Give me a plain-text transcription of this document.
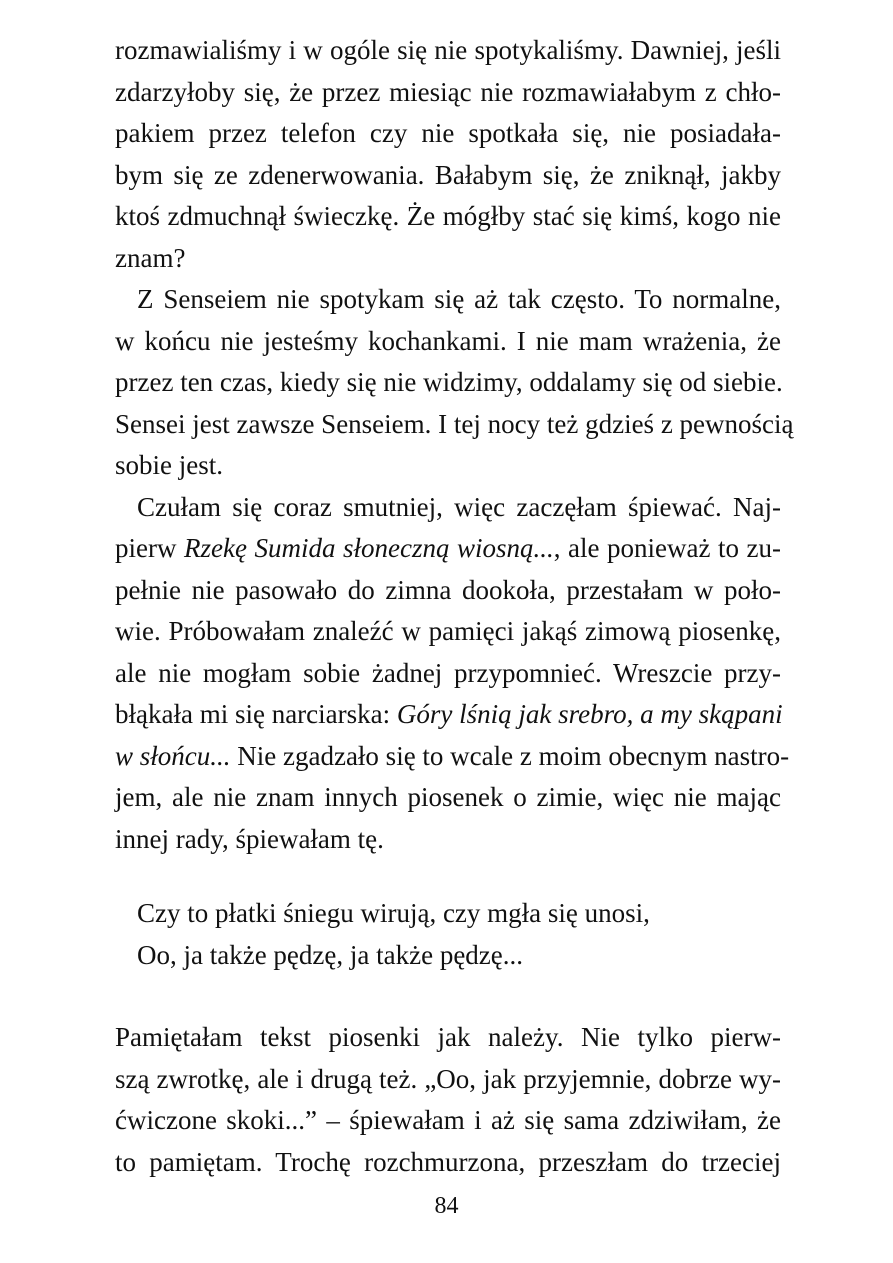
rozmawialiśmy i w ogóle się nie spotykaliśmy. Dawniej, jeśli
zdarzyłoby się, że przez miesiąc nie rozmawiałabym z chło-
pakiem przez telefon czy nie spotkała się, nie posiadała-
bym się ze zdenerwowania. Bałabym się, że zniknął, jakby
ktoś zdmuchnął świeczkę. Że mógłby stać się kimś, kogo nie
znam?
Z Senseiem nie spotykam się aż tak często. To normalne,
w końcu nie jesteśmy kochankami. I nie mam wrażenia, że
przez ten czas, kiedy się nie widzimy, oddalamy się od siebie.
Sensei jest zawsze Senseiem. I tej nocy też gdzieś z pewnością
sobie jest.
Czułam się coraz smutniej, więc zaczęłam śpiewać. Naj-
pierw Rzekę Sumida słoneczną wiosną..., ale ponieważ to zu-
pełnie nie pasowało do zimna dookoła, przestałam w poło-
wie. Próbowałam znaleźć w pamięci jakąś zimową piosenkę,
ale nie mogłam sobie żadnej przypomnieć. Wreszcie przy-
błąkała mi się narciarska: Góry lśnią jak srebro, a my skąpani
w słońcu... Nie zgadzało się to wcale z moim obecnym nastro-
jem, ale nie znam innych piosenek o zimie, więc nie mając
innej rady, śpiewałam tę.
Czy to płatki śniegu wirują, czy mgła się unosi,
Oo, ja także pędzę, ja także pędzę...
Pamiętałam tekst piosenki jak należy. Nie tylko pierw-
szą zwrotkę, ale i drugą też. „Oo, jak przyjemnie, dobrze wy-
ćwiczone skoki...” – śpiewałam i aż się sama zdziwiłam, że
to pamiętam. Trochę rozchmurzona, przeszłam do trzeciej
84
